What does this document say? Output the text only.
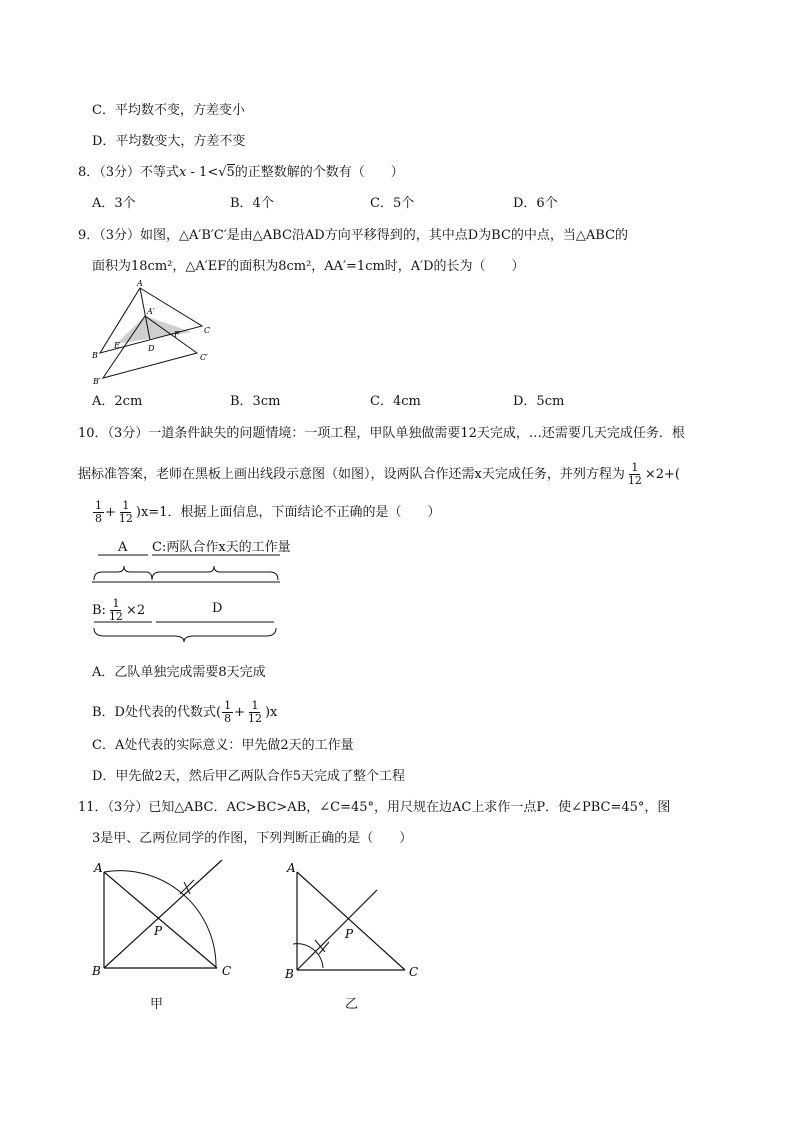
C．平均数不变，方差变小
D．平均数变大，方差不变
8．（3分）不等式x - 1<√5的正整数解的个数有（　　）
A．3个	B．4个	C．5个	D．6个
9．（3分）如图，△A′B′C′是由△ABC沿AD方向平移得到的，其中点D为BC的中点，当△ABC的
面积为18cm²，△A′EF的面积为8cm²，AA′=1cm时，A′D的长为（　　）
A
A′
B
E	D
F	C
B′
C′
A．2cm	B．3cm	C．4cm	D．5cm
10．（3分）一道条件缺失的问题情境：一项工程，甲队单独做需要12天完成，…还需要几天完成任务．根
据标准答案，老师在黑板上画出线段示意图（如图），设两队合作还需x天完成任务，并列方程为 $\frac{1}{12} \times 2+$(
$\frac{1}{8} + \frac{1}{12} )x=1$．根据上面信息，下面结论不正确的是（　　）
A C:两队合作x天的工作量
B: $\frac{1}{12} \times 2$	D
A．乙队单独完成需要8天完成
B．D处代表的代数式( $\frac{1}{8} + \frac{1}{12} )x$
C．A处代表的实际意义：甲先做2天的工作量
D．甲先做2天，然后甲乙两队合作5天完成了整个工程
11．（3分）已知△ABC．AC>BC>AB，∠C=45°，用尺规在边AC上求作一点P．使∠PBC=45°，图
3是甲、乙两位同学的作图，下列判断正确的是（　　）
A
B	C
P
甲
A
B	C
P
乙
